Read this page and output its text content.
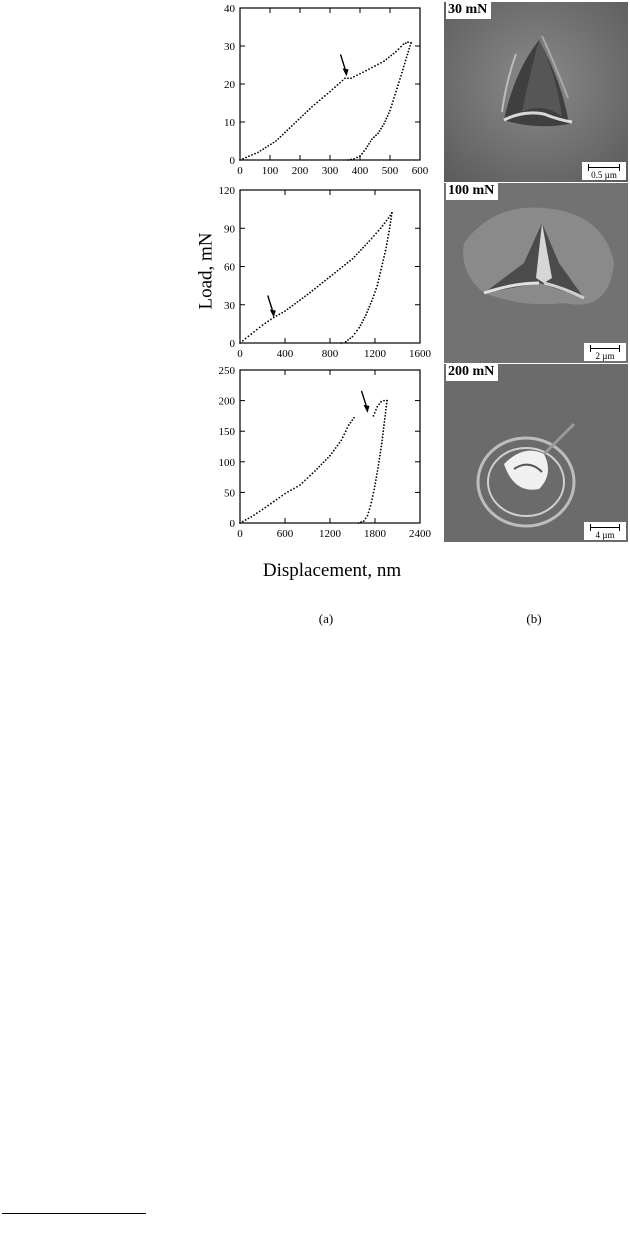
0 100 200 300 400 500 600
0
10
20
30
40
0	400	800 1200 1600
0
30
60
90
120
0	600 1200 1800 2400
0
50
100
150
200
250
Load, mN
Displacement, nm
(a)	(b)
30 mN
0.5 µm
100 mN
2 µm
200 mN
4 µm
